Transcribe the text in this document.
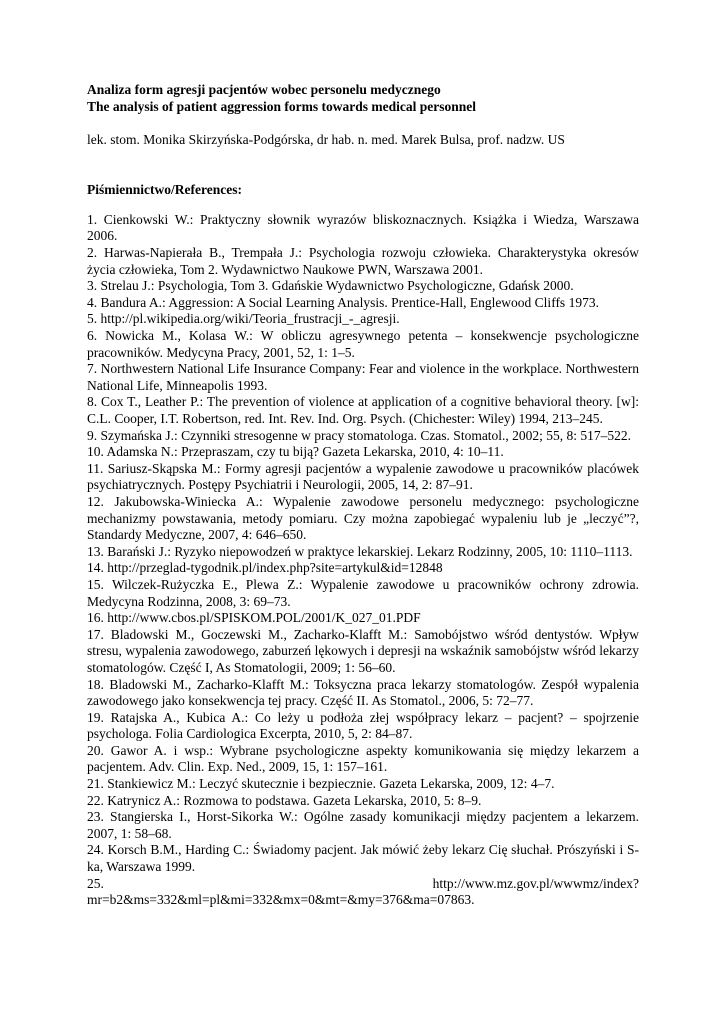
Analiza form agresji pacjentów wobec personelu medycznego

The analysis of patient aggression forms towards medical personnel

lek. stom. Monika Skirzyńska-Podgórska, dr hab. n. med. Marek Bulsa, prof. nadzw. US

Piśmiennictwo/References:

1. Cienkowski W.: Praktyczny słownik wyrazów bliskoznacznych. Książka i Wiedza, Warszawa 2006.

2. Harwas-Napierała B., Trempała J.: Psychologia rozwoju człowieka. Charakterystyka okresów życia człowieka, Tom 2. Wydawnictwo Naukowe PWN, Warszawa 2001.

3. Strelau J.: Psychologia, Tom 3. Gdańskie Wydawnictwo Psychologiczne, Gdańsk 2000.

4. Bandura A.: Aggression: A Social Learning Analysis. Prentice-Hall, Englewood Cliffs 1973.

5. http://pl.wikipedia.org/wiki/Teoria_frustracji_-_agresji.

6. Nowicka M., Kolasa W.: W obliczu agresywnego petenta – konsekwencje psychologiczne pracowników. Medycyna Pracy, 2001, 52, 1: 1–5.

7. Northwestern National Life Insurance Company: Fear and violence in the workplace. Northwestern National Life, Minneapolis 1993.

8. Cox T., Leather P.: The prevention of violence at application of a cognitive behavioral theory. [w]: C.L. Cooper, I.T. Robertson, red. Int. Rev. Ind. Org. Psych. (Chichester: Wiley) 1994, 213–245.

9. Szymańska J.: Czynniki stresogenne w pracy stomatologa. Czas. Stomatol., 2002; 55, 8: 517–522.

10. Adamska N.: Przepraszam, czy tu biją? Gazeta Lekarska, 2010, 4: 10–11.

11. Sariusz-Skąpska M.: Formy agresji pacjentów a wypalenie zawodowe u pracowników placówek psychiatrycznych. Postępy Psychiatrii i Neurologii, 2005, 14, 2: 87–91.

12. Jakubowska-Winiecka A.: Wypalenie zawodowe personelu medycznego: psychologiczne mechanizmy powstawania, metody pomiaru. Czy można zapobiegać wypaleniu lub je „leczyć”?, Standardy Medyczne, 2007, 4: 646–650.

13. Barański J.: Ryzyko niepowodzeń w praktyce lekarskiej. Lekarz Rodzinny, 2005, 10: 1110–1113.

14. http://przeglad-tygodnik.pl/index.php?site=artykul&id=12848

15. Wilczek-Rużyczka E., Plewa Z.: Wypalenie zawodowe u pracowników ochrony zdrowia. Medycyna Rodzinna, 2008, 3: 69–73.

16. http://www.cbos.pl/SPISKOM.POL/2001/K_027_01.PDF

17. Bladowski M., Goczewski M., Zacharko-Klafft M.: Samobójstwo wśród dentystów. Wpływ stresu, wypalenia zawodowego, zaburzeń lękowych i depresji na wskaźnik samobójstw wśród lekarzy stomatologów. Część I, As Stomatologii, 2009; 1: 56–60.

18. Bladowski M., Zacharko-Klafft M.: Toksyczna praca lekarzy stomatologów. Zespół wypalenia zawodowego jako konsekwencja tej pracy. Część II. As Stomatol., 2006, 5: 72–77.

19. Ratajska A., Kubica A.: Co leży u podłoża złej współpracy lekarz – pacjent? – spojrzenie psychologa. Folia Cardiologica Excerpta, 2010, 5, 2: 84–87.

20. Gawor A. i wsp.: Wybrane psychologiczne aspekty komunikowania się między lekarzem a pacjentem. Adv. Clin. Exp. Ned., 2009, 15, 1: 157–161.

21. Stankiewicz M.: Leczyć skutecznie i bezpiecznie. Gazeta Lekarska, 2009, 12: 4–7.

22. Katrynicz A.: Rozmowa to podstawa. Gazeta Lekarska, 2010, 5: 8–9.

23. Stangierska I., Horst-Sikorka W.: Ogólne zasady komunikacji między pacjentem a lekarzem. 2007, 1: 58–68.

24. Korsch B.M., Harding C.: Świadomy pacjent. Jak mówić żeby lekarz Cię słuchał. Prószyński i S-ka, Warszawa 1999.

25. http://www.mz.gov.pl/wwwmz/index? mr=b2&ms=332&ml=pl&mi=332&mx=0&mt=&my=376&ma=07863.
